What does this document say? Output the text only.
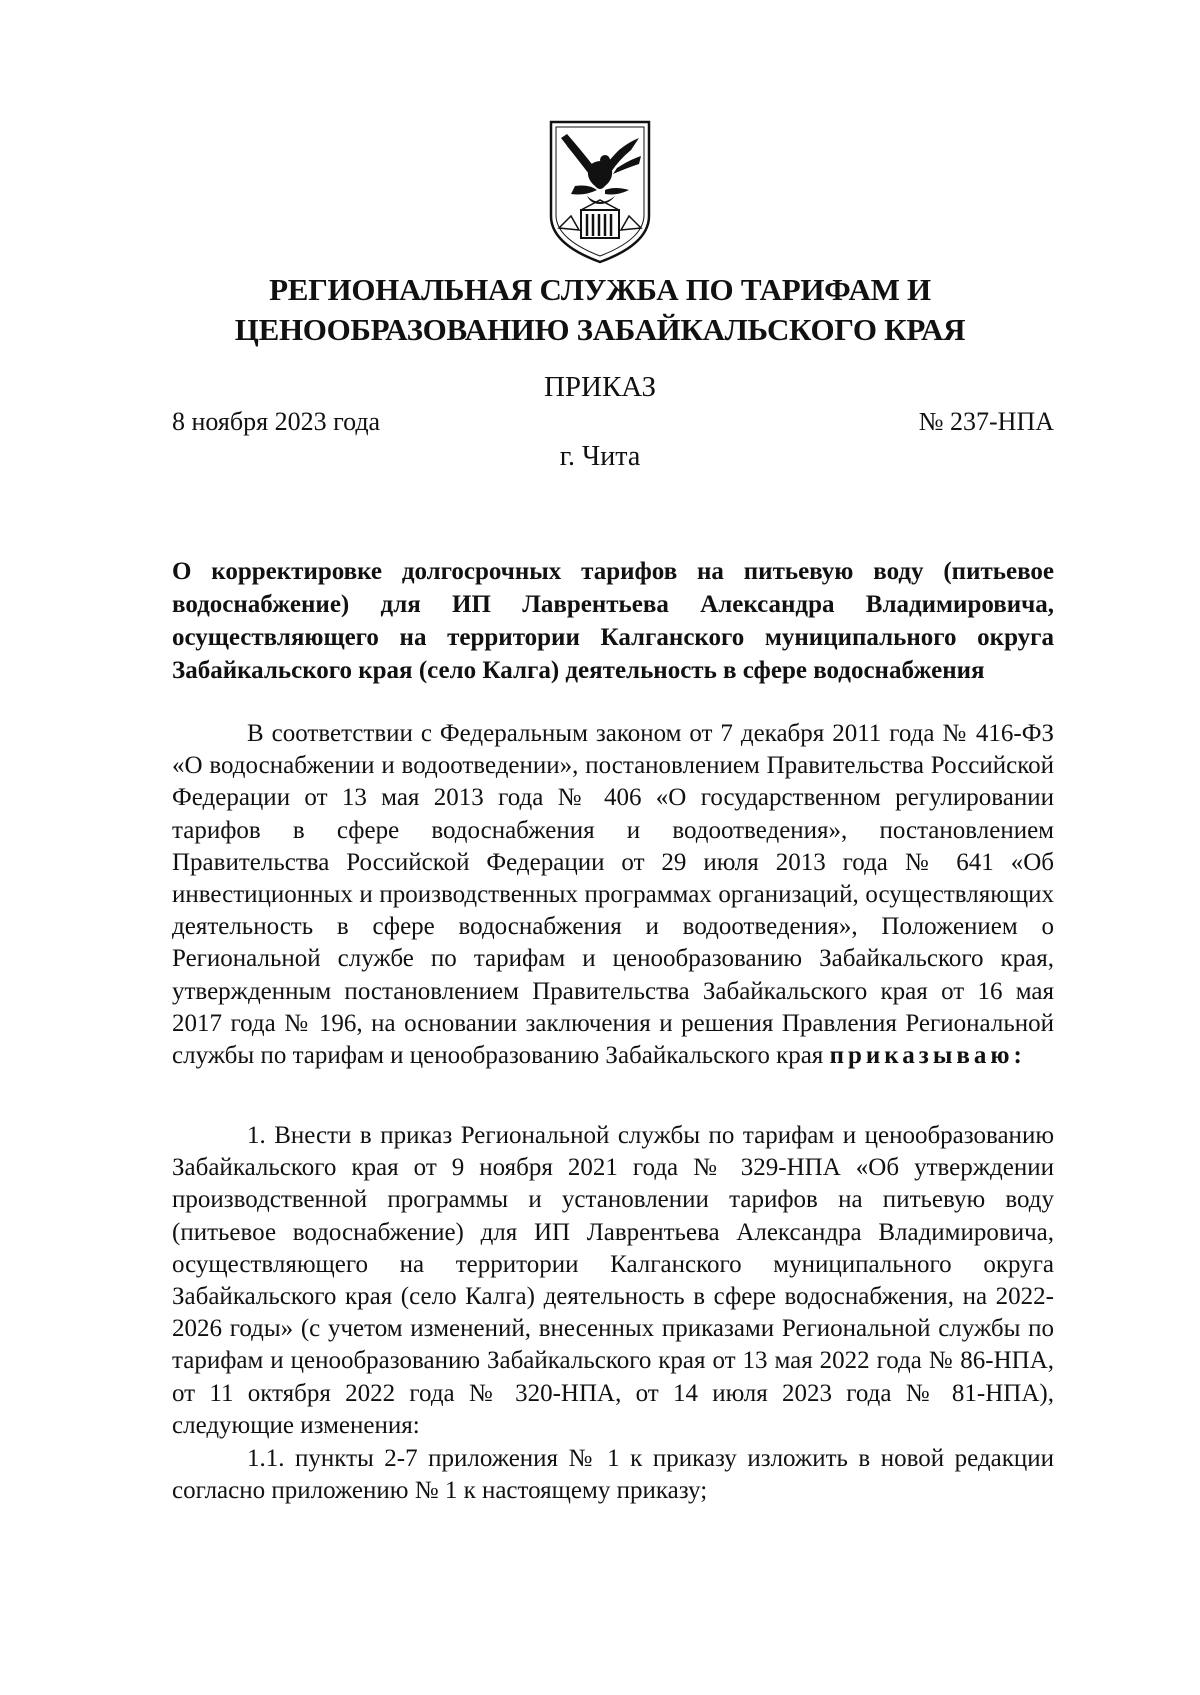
РЕГИОНАЛЬНАЯ СЛУЖБА ПО ТАРИФАМ И ЦЕНООБРАЗОВАНИЮ ЗАБАЙКАЛЬСКОГО КРАЯ
ПРИКАЗ
8 ноября 2023 года	№ 237-НПА
г. Чита

О корректировке долгосрочных тарифов на питьевую воду (питьевое водоснабжение) для ИП Лаврентьева Александра Владимировича, осуществляющего на территории Калганского муниципального округа Забайкальского края (село Калга) деятельность в сфере водоснабжения

В соответствии с Федеральным законом от 7 декабря 2011 года № 416-ФЗ «О водоснабжении и водоотведении», постановлением Правительства Российской Федерации от 13 мая 2013 года № 406 «О государственном регулировании тарифов в сфере водоснабжения и водоотведения», постановлением Правительства Российской Федерации от 29 июля 2013 года № 641 «Об инвестиционных и производственных программах организаций, осуществляющих деятельность в сфере водоснабжения и водоотведения», Положением о Региональной службе по тарифам и ценообразованию Забайкальского края, утвержденным постановлением Правительства Забайкальского края от 16 мая 2017 года № 196, на основании заключения и решения Правления Региональной службы по тарифам и ценообразованию Забайкальского края приказываю:

1. Внести в приказ Региональной службы по тарифам и ценообразованию Забайкальского края от 9 ноября 2021 года № 329-НПА «Об утверждении производственной программы и установлении тарифов на питьевую воду (питьевое водоснабжение) для ИП Лаврентьева Александра Владимировича, осуществляющего на территории Калганского муниципального округа Забайкальского края (село Калга) деятельность в сфере водоснабжения, на 2022-2026 годы» (с учетом изменений, внесенных приказами Региональной службы по тарифам и ценообразованию Забайкальского края от 13 мая 2022 года № 86-НПА, от 11 октября 2022 года № 320-НПА, от 14 июля 2023 года № 81-НПА), следующие изменения:

1.1. пункты 2-7 приложения № 1 к приказу изложить в новой редакции согласно приложению № 1 к настоящему приказу;
